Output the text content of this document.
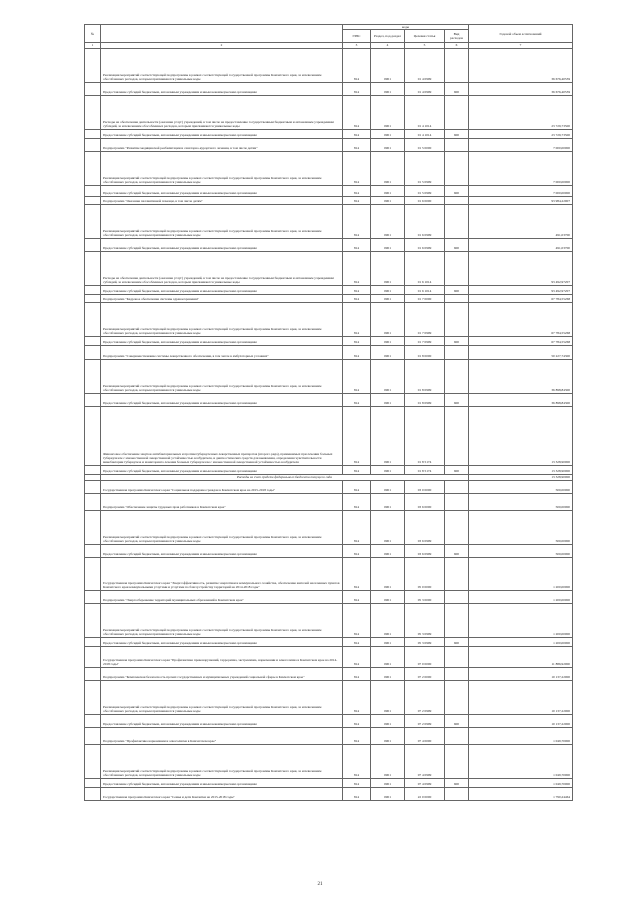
№		коды				Годовой объем ассигнований
		ГРБС	Раздел, под-раздел	Целевая статья	Вид расходов	
1	2	3	4	5	6	7
	Реализация мероприятий соответствующей подпрограммы в рамках соответствующей государственной программы Камчатского края, за исключением обособленных расходов, которым присваиваются уникальные коды	814	0901	01 4 0999		36 676,40539
	Предоставление субсидий бюджетным, автономным учреждениям и иным некоммерческим организациям	814	0901	01 4 0999	600	36 676,40539
	Расходы на обеспечение деятельности (оказание услуг) учреждений, в том числе на предоставление государственным бюджетным и автономным учреждениям субсидий, за исключением обособленных расходов, которым присваиваются уникальные коды	814	0901	01 4 1014		23 729,73500
	Предоставление субсидий бюджетным, автономным учреждениям и иным некоммерческим организациям	814	0901	01 4 1014	600	23 729,73500
	Подпрограмма "Развитие медицинской реабилитации и санаторно-курортного лечения, в том числе детям"	814	0901	01 5 0000		7 000,00000
	Реализация мероприятий соответствующей подпрограммы в рамках соответствующей государственной программы Камчатского края, за исключением обособленных расходов, которым присваиваются уникальные коды	814	0901	01 5 0999		7 000,00000
	Предоставление субсидий бюджетным, автономным учреждениям и иным некоммерческим организациям	814	0901	01 5 0999	600	7 000,00000
	Подпрограмма "Оказание паллиативной помощи, в том числе детям"	814	0901	01 6 0000		93 984,22907
	Реализация мероприятий соответствующей подпрограммы в рамках соответствующей государственной программы Камчатского края, за исключением обособленных расходов, которым присваиваются уникальные коды	814	0901	01 6 0999		491,03700
	Предоставление субсидий бюджетным, автономным учреждениям и иным некоммерческим организациям	814	0901	01 6 0999	600	491,03700
	Расходы на обеспечение деятельности (оказание услуг) учреждений, в том числе на предоставление государственным бюджетным и автономным учреждениям субсидий, за исключением обособленных расходов, которым присваиваются уникальные коды	814	0901	01 6 1014		93 492,97207
	Предоставление субсидий бюджетным, автономным учреждениям и иным некоммерческим организациям	814	0901	01 6 1014	600	93 492,97207
	Подпрограмма "Кадровое обеспечение системы здравоохранения"	814	0901	01 7 0000		67 784,55268
	Реализация мероприятий соответствующей подпрограммы в рамках соответствующей государственной программы Камчатского края, за исключением обособленных расходов, которым присваиваются уникальные коды	814	0901	01 7 0999		67 784,55268
	Предоставление субсидий бюджетным, автономным учреждениям и иным некоммерческим организациям	814	0901	01 7 0999	600	67 784,55268
	Подпрограмма "Совершенствование системы лекарственного обеспечения, в том числе в амбулаторных условиях"	814	0901	01 8 0000		50 227,74300
	Реализация мероприятий соответствующей подпрограммы в рамках соответствующей государственной программы Камчатского края, за исключением обособленных расходов, которым присваиваются уникальные коды	814	0901	01 8 0999		36 898,84300
	Предоставление субсидий бюджетным, автономным учреждениям и иным некоммерческим организациям	814	0901	01 8 0999	600	36 898,84300
	Финансовое обеспечение закупок антибактериальных и противотуберкулезных лекарственных препаратов (второго ряда), применяемых при лечении больных туберкулезом с множественной лекарственной устойчивостью возбудителя, и диагностических средств для выявления, определения чувствительности микобактерии туберкулеза и мониторинга лечения больных туберкулезом с множественной лекарственной устойчивостью возбудителя	814	0901	01 8 5174		13 328,90000
	Предоставление субсидий бюджетным, автономным учреждениям и иным некоммерческим организациям	814	0901	01 8 5174	600	13 328,90000
	Расходы за счет средств федерального бюджета текущего года					13 328,90000
	Государственная программа Камчатского края "Социальная поддержка граждан в Камчатском крае на 2015-2018 годы"	814	0901	03 0 0000		500,00000
	Подпрограмма "Обеспечение защиты трудовых прав работников в Камчатском крае"	814	0901	03 6 0000		500,00000
	Реализация мероприятий соответствующей подпрограммы в рамках соответствующей государственной программы Камчатского края, за исключением обособленных расходов, которым присваиваются уникальные коды	814	0901	03 6 0999		500,00000
	Предоставление субсидий бюджетным, автономным учреждениям и иным некоммерческим организациям	814	0901	03 6 0999	600	500,00000
	Государственная программа Камчатского края "Энергоэффективность, развитие энергетики и коммунального хозяйства, обеспечение жителей населенных пунктов Камчатского края коммунальными услугами и услугами по благоустройству территорий на 2014-2018 годы"	814	0901	05 0 0000		1 200,00000
	Подпрограмма "Энергосбережение территорий муниципальных образований в Камчатском крае"	814	0901	05 3 0000		1 200,00000
	Реализация мероприятий соответствующей подпрограммы в рамках соответствующей государственной программы Камчатского края, за исключением обособленных расходов, которым присваиваются уникальные коды	814	0901	05 3 0999		1 200,00000
	Предоставление субсидий бюджетным, автономным учреждениям и иным некоммерческим организациям	814	0901	05 3 0999	600	1 200,00000
	Государственная программа Камчатского края "Профилактика правонарушений, терроризма, экстремизма, наркомании и алкоголизма в Камчатском крае на 2014-2018 годы"	814	0901	07 0 0000		11 886,92000
	Подпрограмма "Комплексная безопасность прочих государственных и муниципальных учреждений социальной сферы в Камчатском крае"	814	0901	07 2 0000		10 137,22000
	Реализация мероприятий соответствующей подпрограммы в рамках соответствующей государственной программы Камчатского края, за исключением обособленных расходов, которым присваиваются уникальные коды	814	0901	07 2 0999		10 137,22000
	Предоставление субсидий бюджетным, автономным учреждениям и иным некоммерческим организациям	814	0901	07 2 0999	600	10 137,22000
	Подпрограмма "Профилактика наркомании и алкоголизма в Камчатском крае"	814	0901	07 4 0000		1 049,70000
	Реализация мероприятий соответствующей подпрограммы в рамках соответствующей государственной программы Камчатского края, за исключением обособленных расходов, которым присваиваются уникальные коды	814	0901	07 4 0999		1 049,70000
	Предоставление субсидий бюджетным, автономным учреждениям и иным некоммерческим организациям	814	0901	07 4 0999	600	1 049,70000
	Государственная программа Камчатского края "Семья и дети Камчатки на 2015-2018 годы"	814	0901	22 0 0000		1 790,24464
21
